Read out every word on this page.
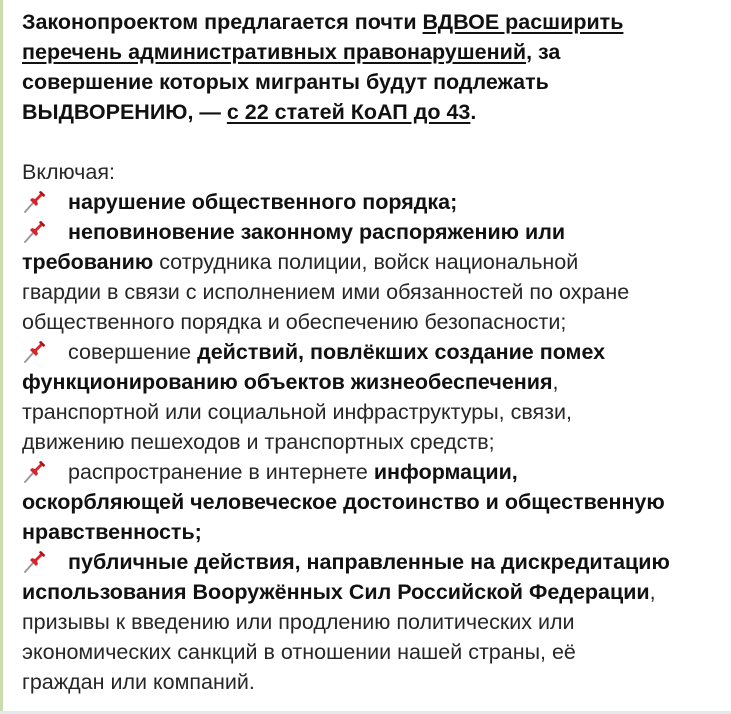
Законопроектом предлагается почти ВДВОЕ расширить
перечень административных правонарушений, за
совершение которых мигранты будут подлежать
ВЫДВОРЕНИЮ, — с 22 статей КоАП до 43.
Включая:
нарушение общественного порядка;
неповиновение законному распоряжению или
требованию сотрудника полиции, войск национальной
гвардии в связи с исполнением ими обязанностей по охране
общественного порядка и обеспечению безопасности;
совершение действий, повлёкших создание помех
функционированию объектов жизнеобеспечения,
транспортной или социальной инфраструктуры, связи,
движению пешеходов и транспортных средств;
распространение в интернете информации,
оскорбляющей человеческое достоинство и общественную
нравственность;
публичные действия, направленные на дискредитацию
использования Вооружённых Сил Российской Федерации,
призывы к введению или продлению политических или
экономических санкций в отношении нашей страны, её
граждан или компаний.
